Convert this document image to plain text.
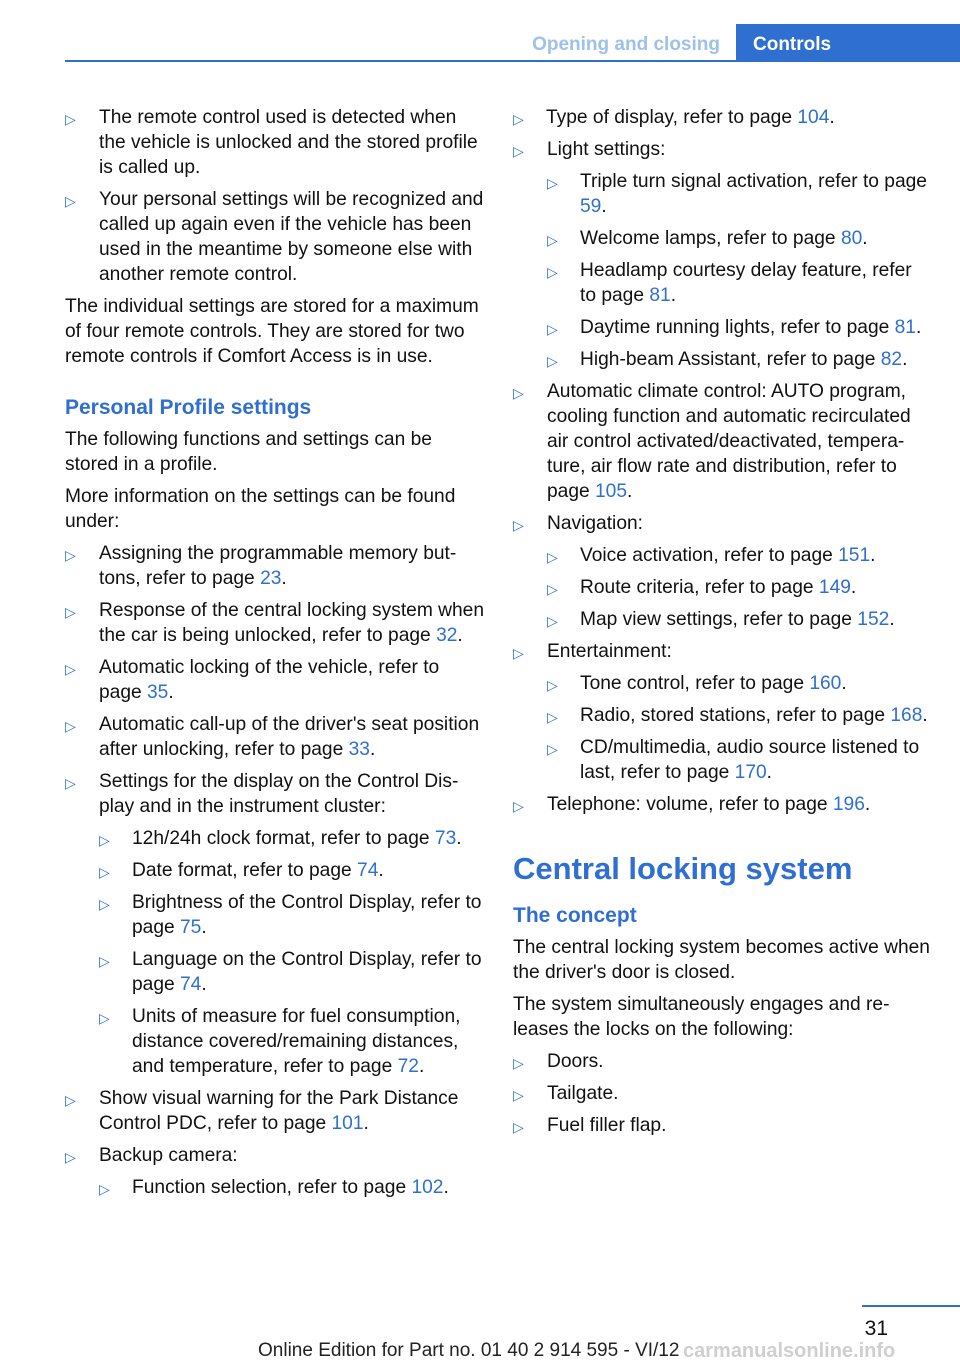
Opening and closing Controls
▷ The remote control used is detected when the vehicle is unlocked and the stored profile is called up.
▷ Your personal settings will be recognized and called up again even if the vehicle has been used in the meantime by someone else with another remote control.

The individual settings are stored for a maximum of four remote controls. They are stored for two remote controls if Comfort Access is in use.

Personal Profile settings

The following functions and settings can be stored in a profile.

More information on the settings can be found under:

▷ Assigning the programmable memory buttons, refer to page 23.
▷ Response of the central locking system when the car is being unlocked, refer to page 32.
▷ Automatic locking of the vehicle, refer to page 35.
▷ Automatic call-up of the driver's seat position after unlocking, refer to page 33.
▷ Settings for the display on the Control Display and in the instrument cluster:
▷ 12h/24h clock format, refer to page 73.
▷ Date format, refer to page 74.
▷ Brightness of the Control Display, refer to page 75.
▷ Language on the Control Display, refer to page 74.
▷ Units of measure for fuel consumption, distance covered/remaining distances, and temperature, refer to page 72.
▷ Show visual warning for the Park Distance Control PDC, refer to page 101.
▷ Backup camera:
▷ Function selection, refer to page 102.
▷ Type of display, refer to page 104.
▷ Light settings:
▷ Triple turn signal activation, refer to page 59.
▷ Welcome lamps, refer to page 80.
▷ Headlamp courtesy delay feature, refer to page 81.
▷ Daytime running lights, refer to page 81.
▷ High-beam Assistant, refer to page 82.
▷ Automatic climate control: AUTO program, cooling function and automatic recirculated air control activated/deactivated, temperature, air flow rate and distribution, refer to page 105.
▷ Navigation:
▷ Voice activation, refer to page 151.
▷ Route criteria, refer to page 149.
▷ Map view settings, refer to page 152.
▷ Entertainment:
▷ Tone control, refer to page 160.
▷ Radio, stored stations, refer to page 168.
▷ CD/multimedia, audio source listened to last, refer to page 170.
▷ Telephone: volume, refer to page 196.
Central locking system
The concept

The central locking system becomes active when the driver's door is closed.

The system simultaneously engages and releases the locks on the following:

▷ Doors.
▷ Tailgate.
▷ Fuel filler flap.
31
Online Edition for Part no. 01 40 2 914 595 - VI/12 carmanualsonline.info
